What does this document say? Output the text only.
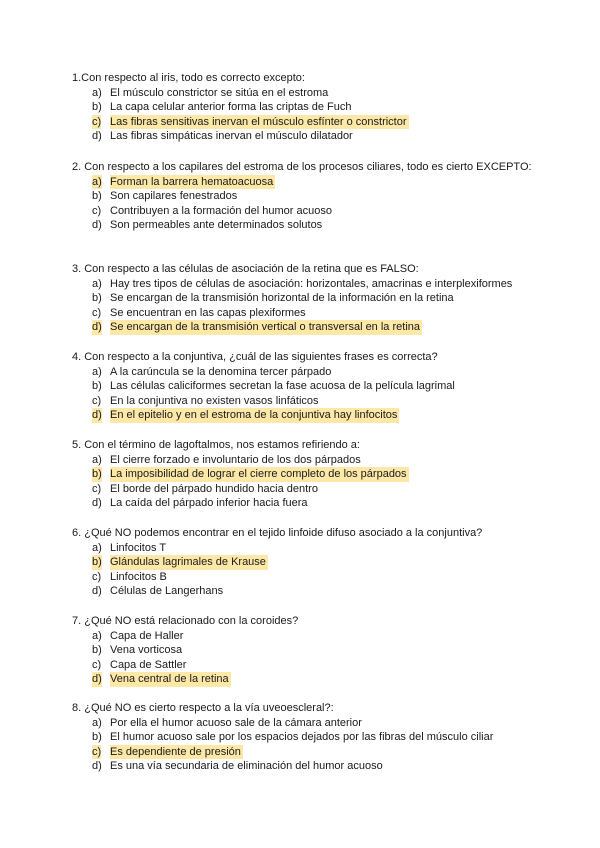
1.Con respecto al iris, todo es correcto excepto:

a) El músculo constrictor se sitúa en el estroma
b) La capa celular anterior forma las criptas de Fuch
c) Las fibras sensitivas inervan el músculo esfínter o constrictor
d) Las fibras simpáticas inervan el músculo dilatador

2. Con respecto a los capilares del estroma de los procesos ciliares, todo es cierto EXCEPTO:

a) Forman la barrera hematoacuosa
b) Son capilares fenestrados
c) Contribuyen a la formación del humor acuoso
d) Son permeables ante determinados solutos

3. Con respecto a las células de asociación de la retina que es FALSO:

a) Hay tres tipos de células de asociación: horizontales, amacrinas e interplexiformes
b) Se encargan de la transmisión horizontal de la información en la retina
c) Se encuentran en las capas plexiformes
d) Se encargan de la transmisión vertical o transversal en la retina

4. Con respecto a la conjuntiva, ¿cuál de las siguientes frases es correcta?

a) A la carúncula se la denomina tercer párpado
b) Las células caliciformes secretan la fase acuosa de la película lagrimal
c) En la conjuntiva no existen vasos linfáticos
d) En el epitelio y en el estroma de la conjuntiva hay linfocitos

5. Con el término de lagoftalmos, nos estamos refiriendo a:

a) El cierre forzado e involuntario de los dos párpados
b) La imposibilidad de lograr el cierre completo de los párpados
c) El borde del párpado hundido hacia dentro
d) La caída del párpado inferior hacia fuera

6. ¿Qué NO podemos encontrar en el tejido linfoide difuso asociado a la conjuntiva?

a) Linfocitos T
b) Glándulas lagrimales de Krause
c) Linfocitos B
d) Células de Langerhans

7. ¿Qué NO está relacionado con la coroides?

a) Capa de Haller
b) Vena vorticosa
c) Capa de Sattler
d) Vena central de la retina

8. ¿Qué NO es cierto respecto a la vía uveoescleral?:

a) Por ella el humor acuoso sale de la cámara anterior
b) El humor acuoso sale por los espacios dejados por las fibras del músculo ciliar
c) Es dependiente de presión
d) Es una vía secundaria de eliminación del humor acuoso
